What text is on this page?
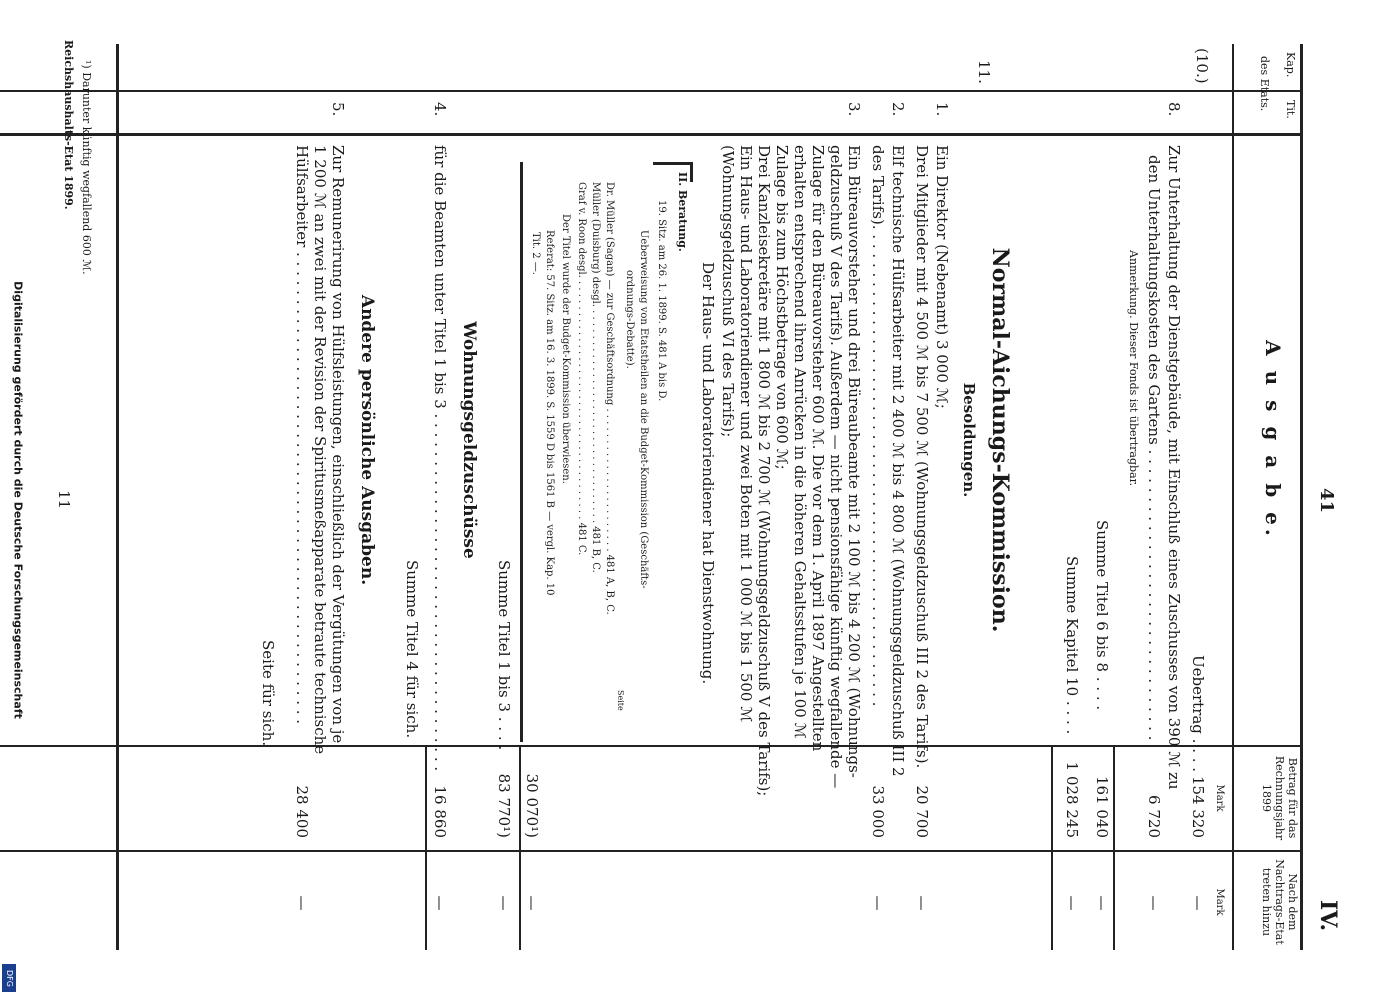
Digitalisierung gefördert durch die Deutsche Forschungsgemeinschaft
DFG
41
IV.
Kap.
Tit.
des Etats.
A u s g a b e.
Betrag für das Rechnungsjahr 1899
Nach dem Nachtrags-Etat treten hinzu
Mark
Mark
(10.)
Uebertrag . . . .
154 320
—
8.
Zur Unterhaltung der Dienstgebäude, mit Einschluß eines Zuschusses von 390 ℳ zu
den Unterhaltungskosten des Gartens . . . . . . . . . . . . . . . . . . . . . . . . . . . . . . .
Anmerkung. Dieser Fonds ist übertragbar.
6 720
—
Summe Titel 6 bis 8 . . . .
161 040
—
Summe Kapitel 10 . . . .
1 028 245
—
11.
Normal-Aichungs-Kommission.
Besoldungen.
1.
Ein Direktor (Nebenamt) 3 000 ℳ;
Drei Mitglieder mit 4 500 ℳ bis 7 500 ℳ (Wohnungsgeldzuschuß III 2 des Tarifs).
20 700
—
2.
Elf technische Hülfsarbeiter mit 2 400 ℳ bis 4 800 ℳ (Wohnungsgeldzuschuß III 2
des Tarifs). . . . . . . . . . . . . . . . . . . . . . . . . . . . . . . . . . . . . . . . . . . . . . . . . . .
33 000
—
3.
Ein Büreauvorsteher und drei Büreaubeamte mit 2 100 ℳ bis 4 200 ℳ (Wohnungs-
geldzuschuß V des Tarifs). Außerdem — nicht pensionsfähige künftig wegfallende —
Zulage für den Büreauvorsteher 600 ℳ. Die vor dem 1. April 1897 Angestellten
erhalten entsprechend ihren Anrücken in die höheren Gehaltsstufen je 100 ℳ
Zulage bis zum Höchstbetrage von 600 ℳ;
Drei Kanzleisekretäre mit 1 800 ℳ bis 2 700 ℳ (Wohnungsgeldzuschuß V des Tarifs);
Ein Haus- und Laboratoriendiener und zwei Boten mit 1 000 ℳ bis 1 500 ℳ
(Wohnungsgeldzuschuß VI des Tarifs);
Der Haus- und Laboratoriendiener hat Dienstwohnung.
II. Beratung.
19. Sitz. am 26. 1. 1899. S. 481 A bis D.
Ueberweisung von Etatstheilen an die Budget-Kommission (Geschäfts-
ordnungs-Debatte).
Seite
Dr. Müller (Sagan) — zur Geschäftsordnung . . . . . . . . . . . . . . . . . . . . . . . 481 A, B, C.
Müller (Duisburg) desgl. . . . . . . . . . . . . . . . . . . . . . . . . . . . . . . . . . . 481 B, C.
Graf v. Roon desgl. . . . . . . . . . . . . . . . . . . . . . . . . . . . . . . . . . . . . . . 481 C.
Der Titel wurde der Budget-Kommission überwiesen.
Referat: 57. Sitz. am 16. 3. 1899. S. 1559 D bis 1561 B — vergl. Kap. 10
Tit. 2 —.
30 070¹)
—
Summe Titel 1 bis 3 . . . .
83 770¹)
—
Wohnungsgeldzuschüsse
4.
für die Beamten unter Titel 1 bis 3 . . . . . . . . . . . . . . . . . . . . . . . . . . . . . . . . . . . . . .
16 860
—
Summe Titel 4 für sich.
Andere persönliche Ausgaben.
5.
Zur Remunerirung von Hülfsleistungen, einschließlich der Vergütungen von je
1 200 ℳ an zwei mit der Revision der Spiritusmeßapparate betraute technische
Hülfsarbeiter . . . . . . . . . . . . . . . . . . . . . . . . . . . . . . . . . . . . . . . . . . . . . . . . . .
28 400
—
Seite für sich.
¹) Darunter künftig wegfallend 600 ℳ.
Reichshaushalts-Etat 1899.
11
